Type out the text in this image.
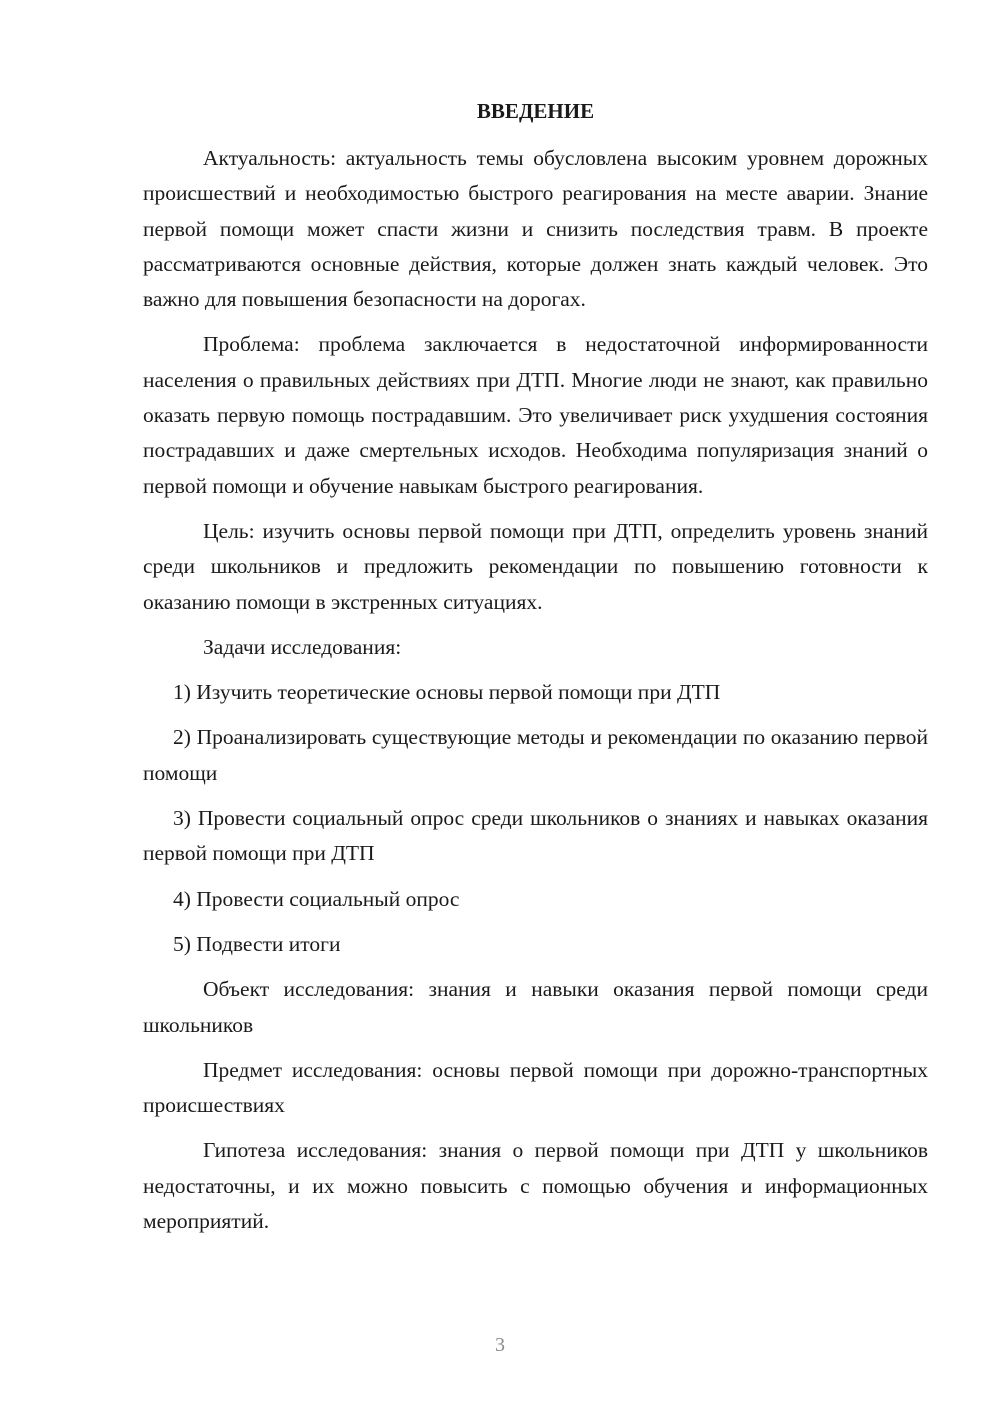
ВВЕДЕНИЕ

Актуальность: актуальность темы обусловлена высоким уровнем дорожных происшествий и необходимостью быстрого реагирования на месте аварии. Знание первой помощи может спасти жизни и снизить последствия травм. В проекте рассматриваются основные действия, которые должен знать каждый человек. Это важно для повышения безопасности на дорогах.

Проблема: проблема заключается в недостаточной информированности населения о правильных действиях при ДТП. Многие люди не знают, как правильно оказать первую помощь пострадавшим. Это увеличивает риск ухудшения состояния пострадавших и даже смертельных исходов. Необходима популяризация знаний о первой помощи и обучение навыкам быстрого реагирования.

Цель: изучить основы первой помощи при ДТП, определить уровень знаний среди школьников и предложить рекомендации по повышению готовности к оказанию помощи в экстренных ситуациях.

Задачи исследования:

1) Изучить теоретические основы первой помощи при ДТП

2) Проанализировать существующие методы и рекомендации по оказанию первой помощи

3) Провести социальный опрос среди школьников о знаниях и навыках оказания первой помощи при ДТП

4) Провести социальный опрос

5) Подвести итоги

Объект исследования: знания и навыки оказания первой помощи среди школьников

Предмет исследования: основы первой помощи при дорожно-транспортных происшествиях

Гипотеза исследования: знания о первой помощи при ДТП у школьников недостаточны, и их можно повысить с помощью обучения и информационных мероприятий.

3
